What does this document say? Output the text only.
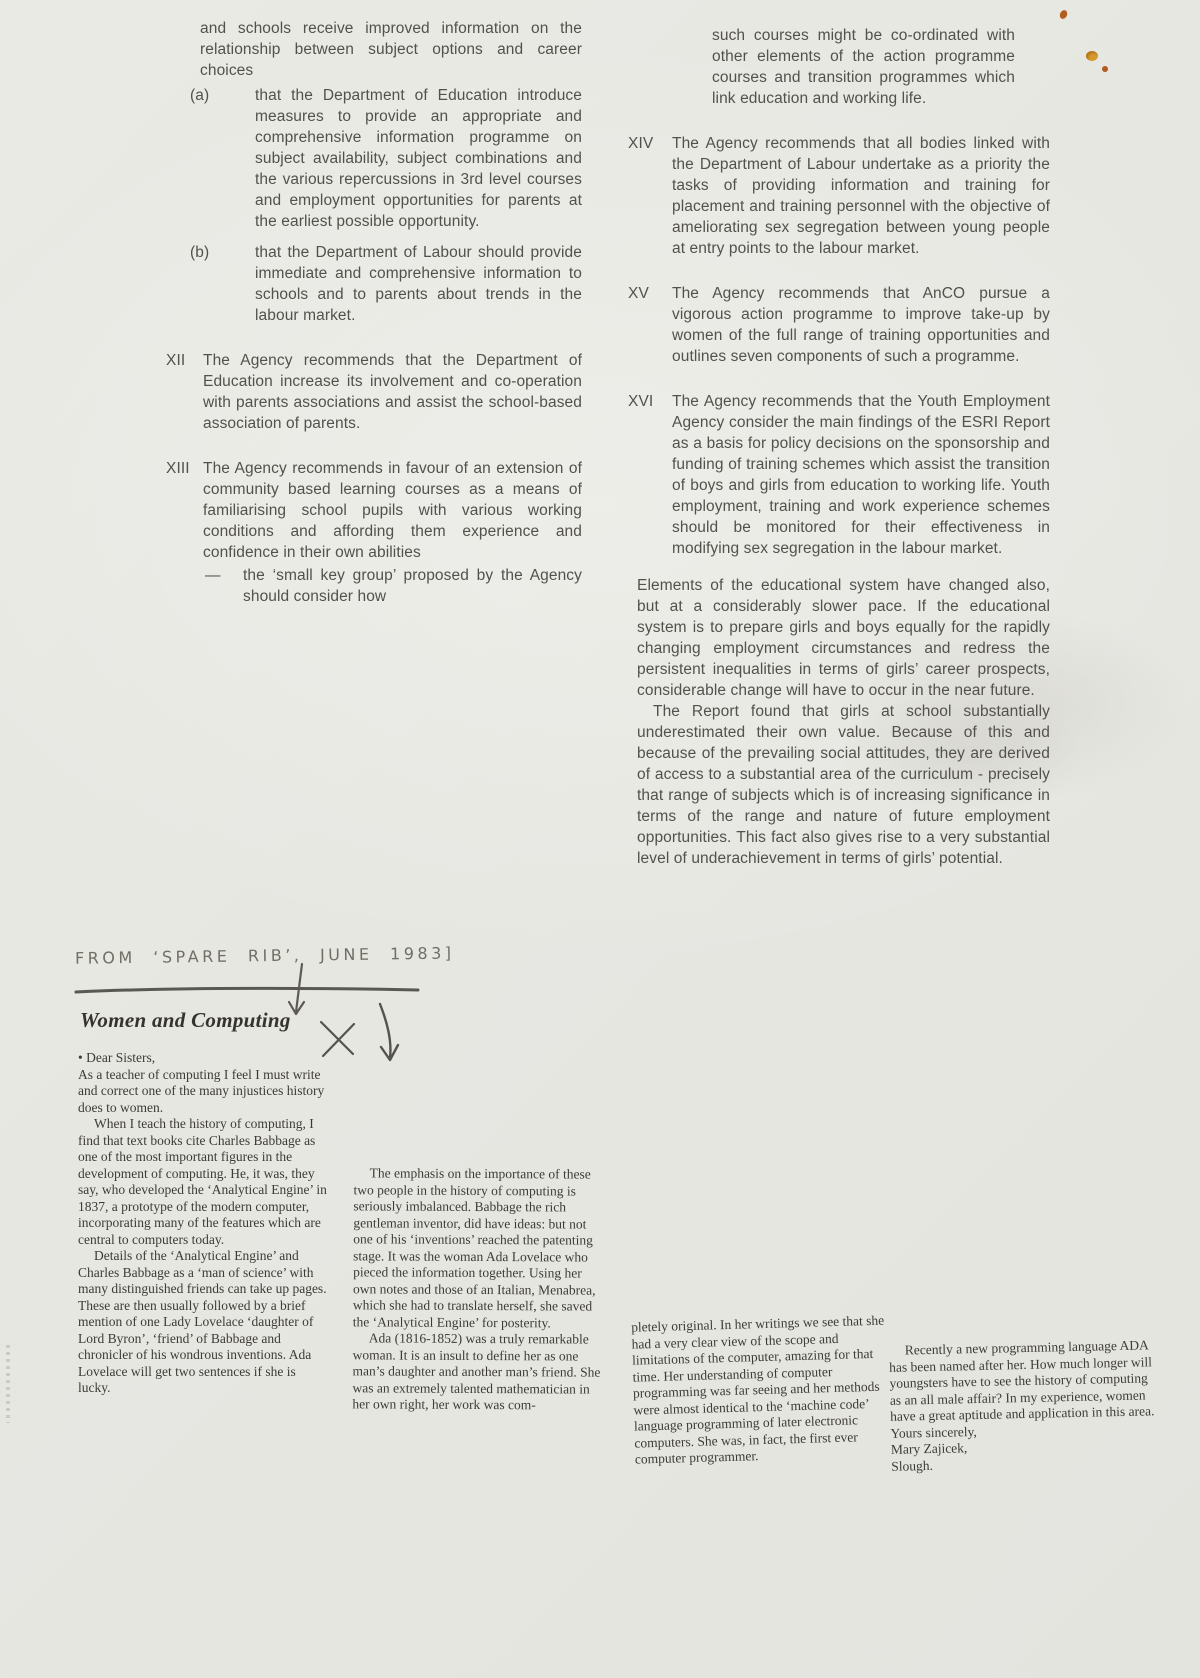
and schools receive improved information on the relationship between subject options and career choices

(a)	that the Department of Education introduce measures to provide an appropriate and comprehensive information programme on subject availability, subject combinations and the various repercussions in 3rd level courses and employment opportunities for parents at the earliest possible opportunity.

(b)	that the Department of Labour should provide immediate and comprehensive information to schools and to parents about trends in the labour market.

XII	The Agency recommends that the Department of Education increase its involvement and co-operation with parents associations and assist the school-based association of parents.

XIII The Agency recommends in favour of an extension of community based learning courses as a means of familiarising school pupils with various working conditions and affording them experience and confidence in their own abilities

—	the ‘small key group’ proposed by the Agency should consider how

such courses might be co-ordinated with other elements of the action programme courses and transition programmes which link education and working life.

XIV	The Agency recommends that all bodies linked with the Department of Labour undertake as a priority the tasks of providing information and training for placement and training personnel with the objective of ameliorating sex segregation between young people at entry points to the labour market.

XV	The Agency recommends that AnCO pursue a vigorous action programme to improve take-up by women of the full range of training opportunities and outlines seven components of such a programme.

XVI	The Agency recommends that the Youth Employment Agency consider the main findings of the ESRI Report as a basis for policy decisions on the sponsorship and funding of training schemes which assist the transition of boys and girls from education to working life. Youth employment, training and work experience schemes should be monitored for their effectiveness in modifying sex segregation in the labour market.

Elements of the educational system have changed also, but at a considerably slower pace. If the educational system is to prepare girls and boys equally for the rapidly changing employment circumstances and redress the persistent inequalities in terms of girls’ career prospects, considerable change will have to occur in the near future.

The Report found that girls at school substantially underestimated their own value. Because of this and because of the prevailing social attitudes, they are derived of access to a substantial area of the curriculum - precisely that range of subjects which is of increasing significance in terms of the range and nature of future employment opportunities. This fact also gives rise to a very substantial level of underachievement in terms of girls’ potential.

FROM ‘SPARE RIB’, JUNE 1983]
Women and Computing

• Dear Sisters,

As a teacher of computing I feel I must write and correct one of the many injustices history does to women.

When I teach the history of computing, I find that text books cite Charles Babbage as one of the most important figures in the development of computing. He, it was, they say, who developed the ‘Analytical Engine’ in 1837, a prototype of the modern computer, incorporating many of the features which are central to computers today.

Details of the ‘Analytical Engine’ and Charles Babbage as a ‘man of science’ with many distinguished friends can take up pages. These are then usually followed by a brief mention of one Lady Lovelace ‘daughter of Lord Byron’, ‘friend’ of Babbage and chronicler of his wondrous inventions. Ada Lovelace will get two sentences if she is lucky.

The emphasis on the importance of these two people in the history of computing is seriously imbalanced. Babbage the rich gentleman inventor, did have ideas: but not one of his ‘inventions’ reached the patenting stage. It was the woman Ada Lovelace who pieced the information together. Using her own notes and those of an Italian, Menabrea, which she had to translate herself, she saved the ‘Analytical Engine’ for posterity.

Ada (1816-1852) was a truly remarkable woman. It is an insult to define her as one man’s daughter and another man’s friend. She was an extremely talented mathematician in her own right, her work was com-

pletely original. In her writings we see that she had a very clear view of the scope and limitations of the computer, amazing for that time. Her understanding of computer programming was far seeing and her methods were almost identical to the ‘machine code’ language programming of later electronic computers. She was, in fact, the first ever computer programmer.

Recently a new programming language ADA has been named after her. How much longer will youngsters have to see the history of computing as an all male affair? In my experience, women have a great aptitude and application in this area.

Yours sincerely,

Mary Zajicek,

Slough.
